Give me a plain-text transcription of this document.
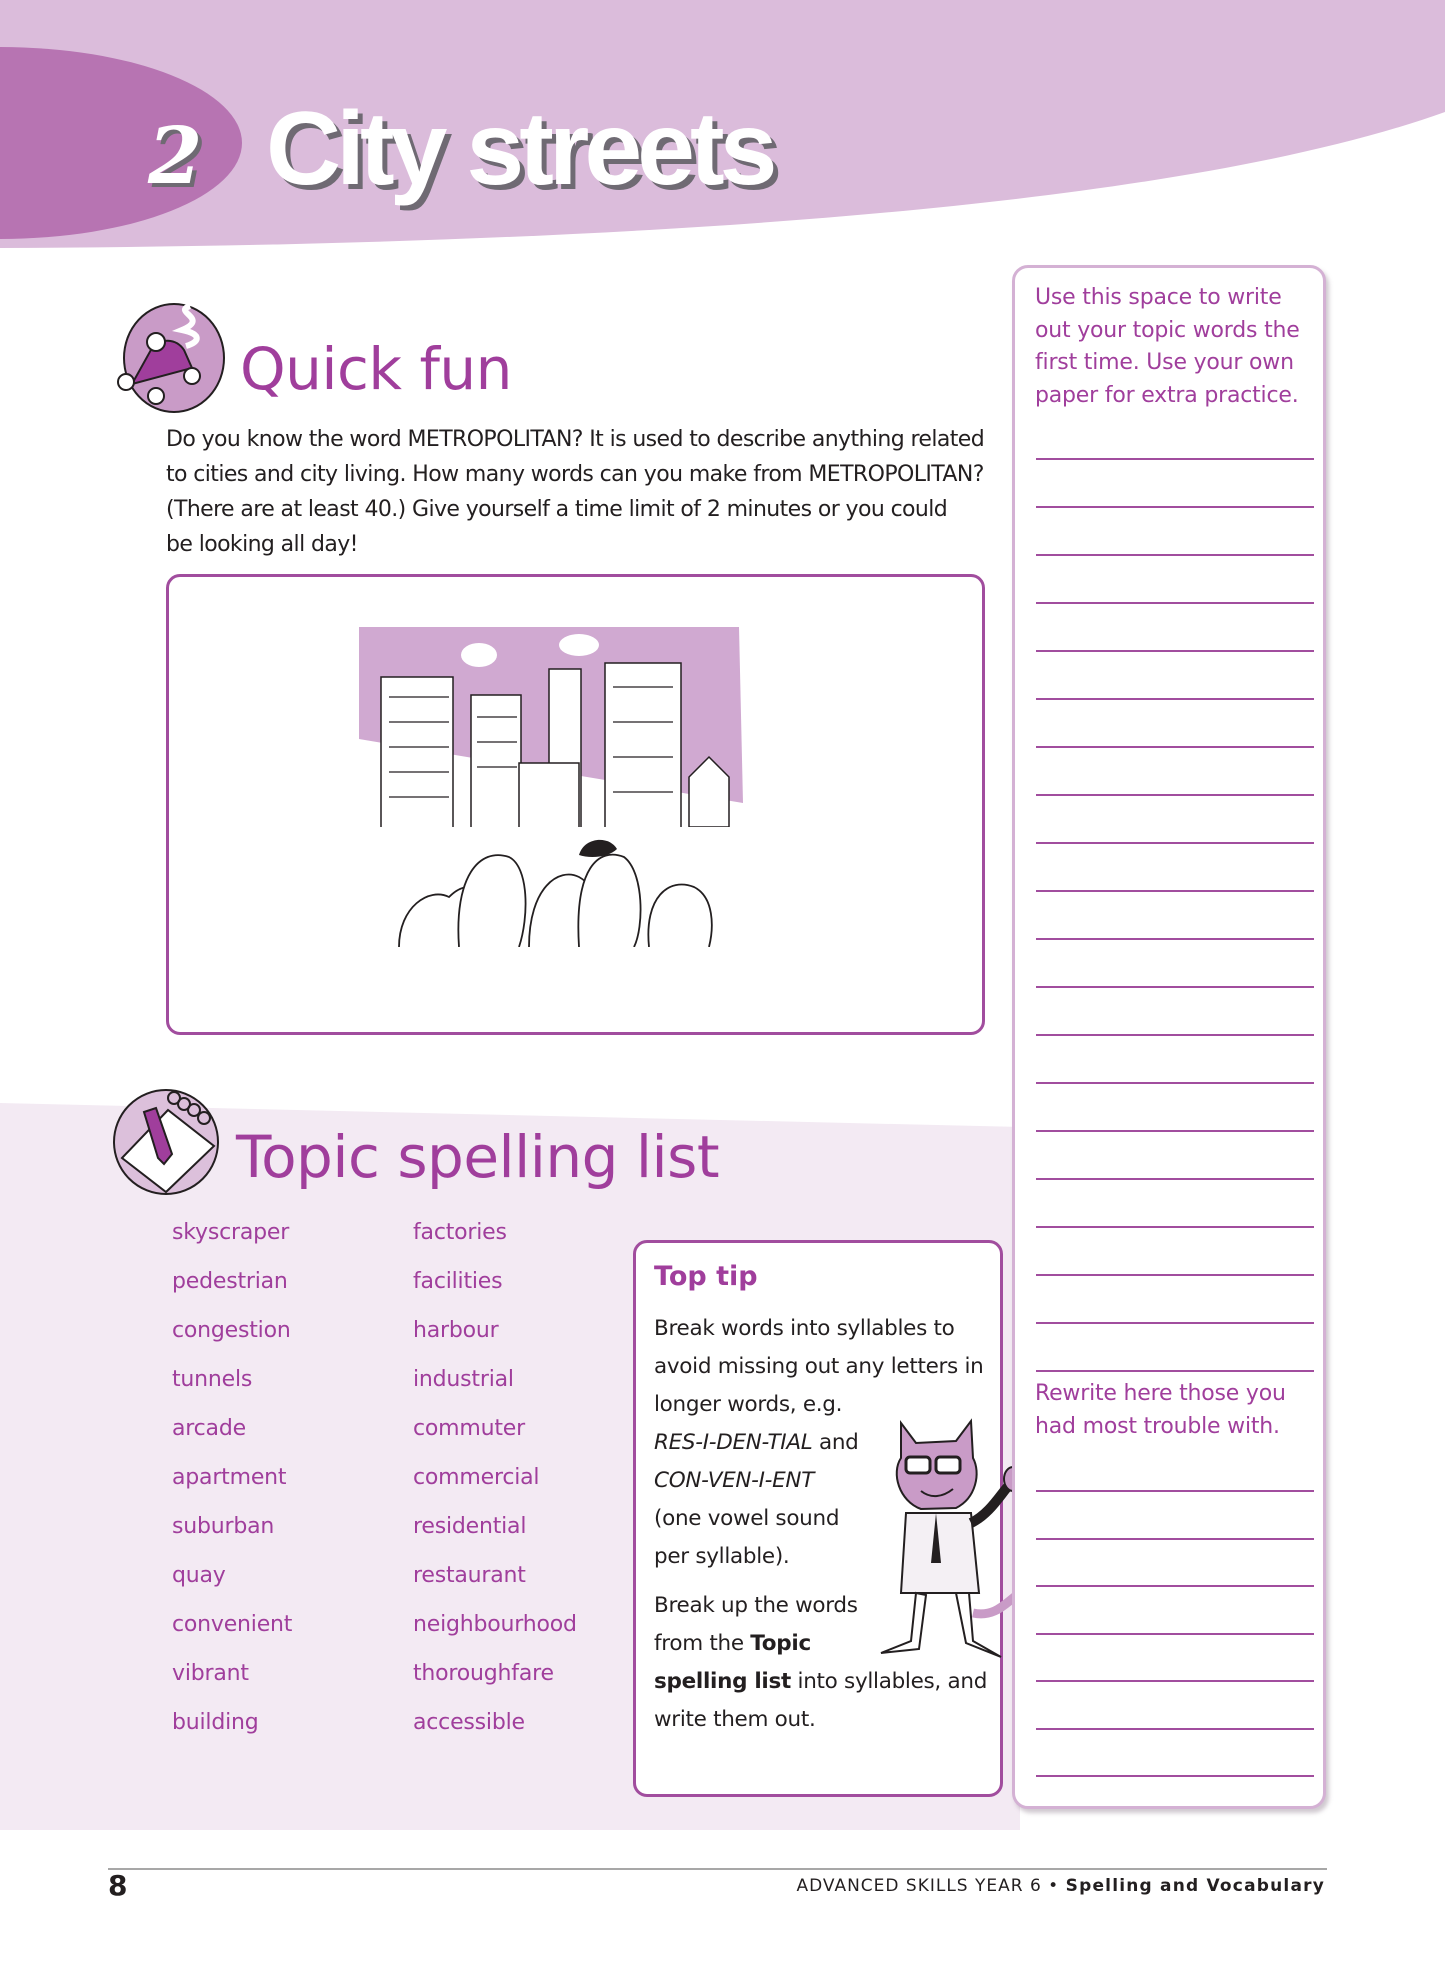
2 City streets
Quick fun
Do you know the word METROPOLITAN? It is used to describe anything related
to cities and city living. How many words can you make from METROPOLITAN?
(There are at least 40.) Give yourself a time limit of 2 minutes or you could
be looking all day!
Topic spelling list
skyscraper
pedestrian
congestion
tunnels
arcade
apartment
suburban
quay
convenient
vibrant
building
factories
facilities
harbour
industrial
commuter
commercial
residential
restaurant
neighbourhood
thoroughfare
accessible
Top tip
Break words into syllables to
avoid missing out any letters in
longer words, e.g.
RES-I-DEN-TIAL and
CON-VEN-I-ENT
(one vowel sound
per syllable).
Break up the words
from the Topic
spelling list into syllables, and
write them out.
Use this space to write
out your topic words the
first time. Use your own
paper for extra practice.
Rewrite here those you
had most trouble with.
8	ADVANCED SKILLS YEAR 6 • Spelling and Vocabulary
